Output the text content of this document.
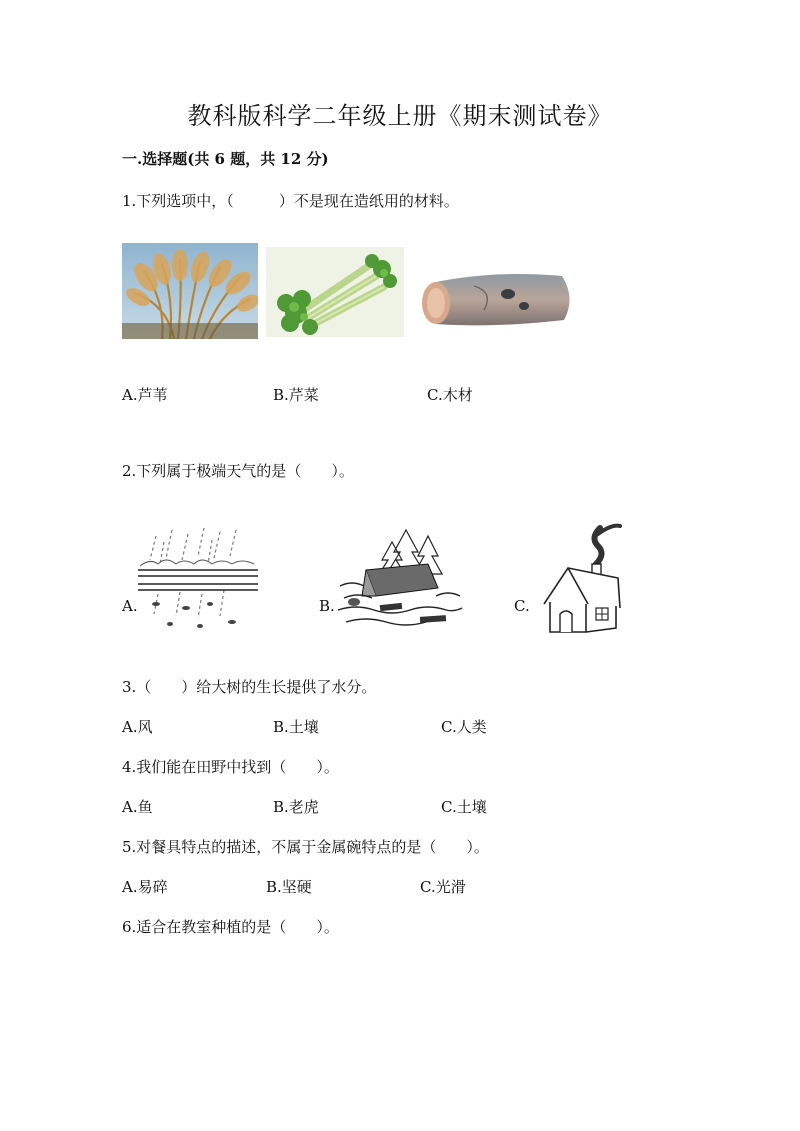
教科版科学二年级上册《期末测试卷》
一.选择题(共 6 题，共 12 分)
1.下列选项中，（　　　）不是现在造纸用的材料。
A.芦苇	B.芹菜	C.木材
2.下列属于极端天气的是（　　）。
A.	B.	C.
3.（　　）给大树的生长提供了水分。
A.风	B.土壤	C.人类
4.我们能在田野中找到（　　）。
A.鱼	B.老虎	C.土壤
5.对餐具特点的描述，不属于金属碗特点的是（　　）。
A.易碎	B.坚硬	C.光滑
6.适合在教室种植的是（　　）。
